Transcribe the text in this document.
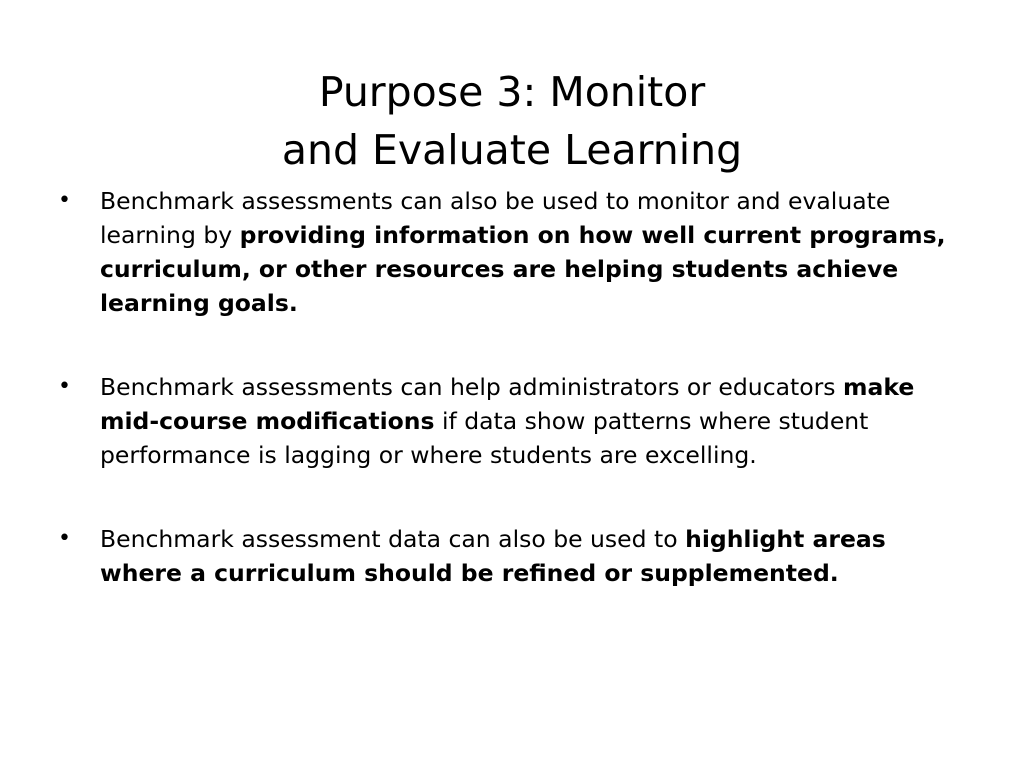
Purpose 3: Monitor
and Evaluate Learning
• Benchmark assessments can also be used to monitor and evaluate learning by providing information on how well current programs, curriculum, or other resources are helping students achieve learning goals.
• Benchmark assessments can help administrators or educators make mid-course modifications if data show patterns where student performance is lagging or where students are excelling.
• Benchmark assessment data can also be used to highlight areas where a curriculum should be refined or supplemented.
